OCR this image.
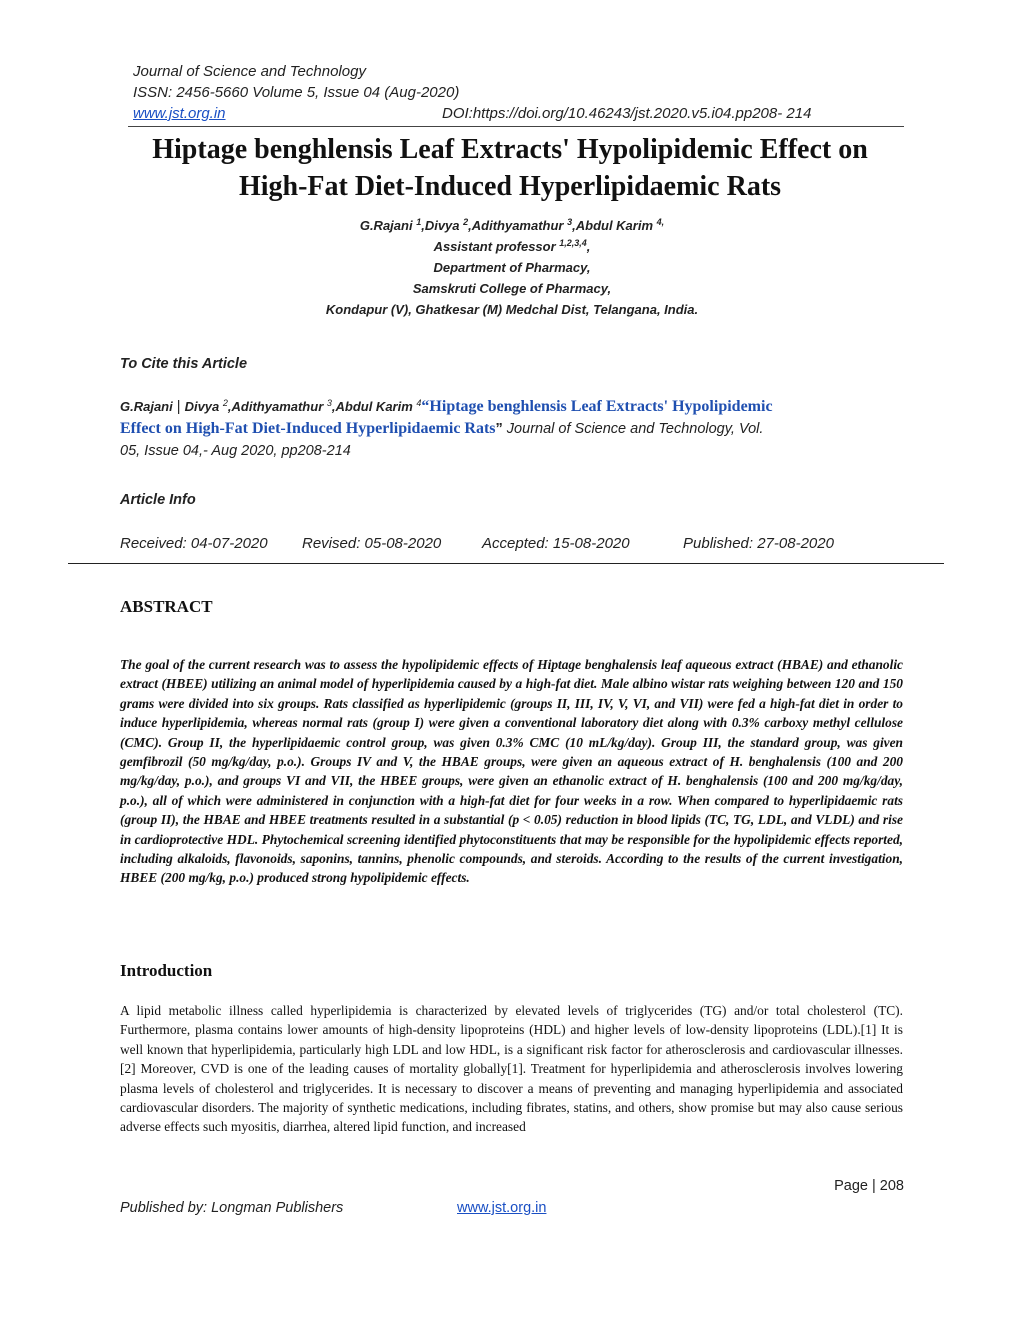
Journal of Science and Technology
ISSN: 2456-5660 Volume 5, Issue 04 (Aug-2020)
www.jst.org.in	DOI:https://doi.org/10.46243/jst.2020.v5.i04.pp208- 214
Hiptage benghlensis Leaf Extracts' Hypolipidemic Effect on
High-Fat Diet-Induced Hyperlipidaemic Rats
G.Rajani $^1$,Divya $^2$,Adithyamathur $^3$,Abdul Karim $^{4,}$
Assistant professor $^{1,2,3,4}$,
Department of Pharmacy,
Samskruti College of Pharmacy,
Kondapur (V), Ghatkesar (M) Medchal Dist, Telangana, India.
To Cite this Article
G.Rajani | Divya $^2$,Adithyamathur $^3$,Abdul Karim $^4$“Hiptage benghlensis Leaf Extracts' Hypolipidemic
Effect on High-Fat Diet-Induced Hyperlipidaemic Rats” Journal of Science and Technology, Vol.
05, Issue 04,- Aug 2020, pp208-214
Article Info
Received: 04-07-2020 Revised: 05-08-2020	Accepted: 15-08-2020	Published: 27-08-2020
ABSTRACT
The goal of the current research was to assess the hypolipidemic effects of Hiptage benghalensis leaf aqueous extract (HBAE) and ethanolic extract (HBEE) utilizing an animal model of hyperlipidemia caused by a high-fat diet. Male albino wistar rats weighing between 120 and 150 grams were divided into six groups. Rats classified as hyperlipidemic (groups II, III, IV, V, VI, and VII) were fed a high-fat diet in order to induce hyperlipidemia, whereas normal rats (group I) were given a conventional laboratory diet along with 0.3% carboxy methyl cellulose (CMC). Group II, the hyperlipidaemic control group, was given 0.3% CMC (10 mL/kg/day). Group III, the standard group, was given gemfibrozil (50 mg/kg/day, p.o.). Groups IV and V, the HBAE groups, were given an aqueous extract of H. benghalensis (100 and 200 mg/kg/day, p.o.), and groups VI and VII, the HBEE groups, were given an ethanolic extract of H. benghalensis (100 and 200 mg/kg/day, p.o.), all of which were administered in conjunction with a high-fat diet for four weeks in a row. When compared to hyperlipidaemic rats (group II), the HBAE and HBEE treatments resulted in a substantial (p < 0.05) reduction in blood lipids (TC, TG, LDL, and VLDL) and rise in cardioprotective HDL. Phytochemical screening identified phytoconstituents that may be responsible for the hypolipidemic effects reported, including alkaloids, flavonoids, saponins, tannins, phenolic compounds, and steroids. According to the results of the current investigation, HBEE (200 mg/kg, p.o.) produced strong hypolipidemic effects.
Introduction
A lipid metabolic illness called hyperlipidemia is characterized by elevated levels of triglycerides (TG) and/or total cholesterol (TC). Furthermore, plasma contains lower amounts of high-density lipoproteins (HDL) and higher levels of low-density lipoproteins (LDL).[1] It is well known that hyperlipidemia, particularly high LDL and low HDL, is a significant risk factor for atherosclerosis and cardiovascular illnesses.[2] Moreover, CVD is one of the leading causes of mortality globally[1]. Treatment for hyperlipidemia and atherosclerosis involves lowering plasma levels of cholesterol and triglycerides. It is necessary to discover a means of preventing and managing hyperlipidemia and associated cardiovascular disorders. The majority of synthetic medications, including fibrates, statins, and others, show promise but may also cause serious adverse effects such myositis, diarrhea, altered lipid function, and increased
Page | 208
Published by: Longman Publishers	www.jst.org.in
